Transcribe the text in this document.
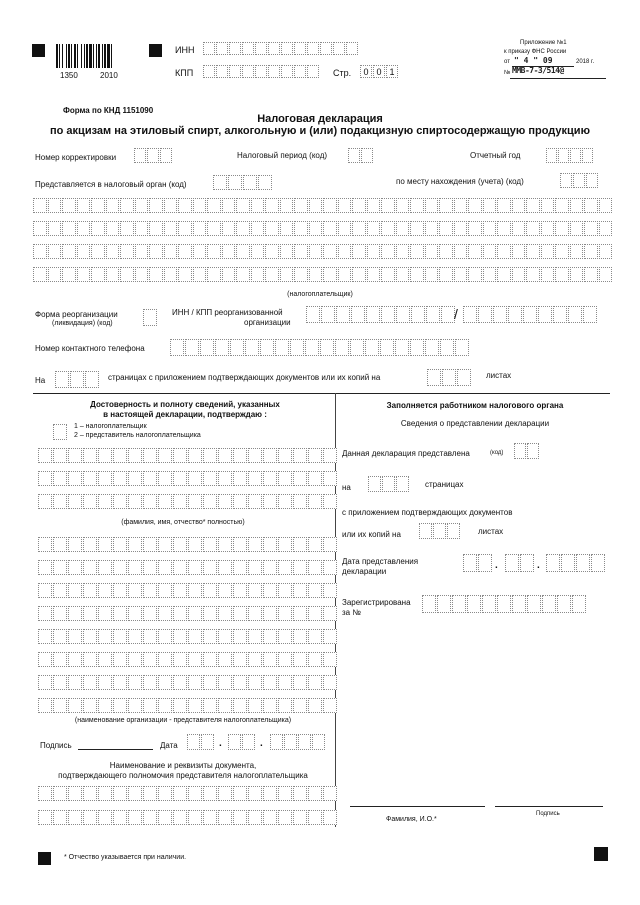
1350	2010
ИНН
КПП	Стр.	0 0 1
Приложение №1
к приказу ФНС России
от " 4 " 09	2018 г.
№ ММВ-7-3/514@
Форма по КНД 1151090
Налоговая декларация
по акцизам на этиловый спирт, алкогольную и (или) подакцизную спиртосодержащую продукцию
Номер корректировки	Налоговый период (код)	Отчетный год
Представляется в налоговый орган (код)	по месту нахождения (учета) (код)
(налогоплательщик)
Форма реорганизации
(ликвидация) (код)
ИНН / КПП реорганизованной
организации
/
Номер контактного телефона
На	страницах с приложением подтверждающих документов или их копий на	листах
Достоверность и полноту сведений, указанных
в настоящей декларации, подтверждаю :
1 – налогоплательщик
2 – представитель налогоплательщика
(фамилия, имя, отчество* полностью)
(наименование организации - представителя налогоплательщика)
Подпись	Дата	.	.
Наименование и реквизиты документа,
подтверждающего полномочия представителя налогоплательщика
Заполняется работником налогового органа
Сведения о представлении декларации
Данная декларация представлена	(код)
на	страницах
с приложением подтверждающих документов
или их копий на	листах
Дата представления
декларации
.	.
Зарегистрирована
за №
Фамилия, И.О.*
Подпись
* Отчество указывается при наличии.
